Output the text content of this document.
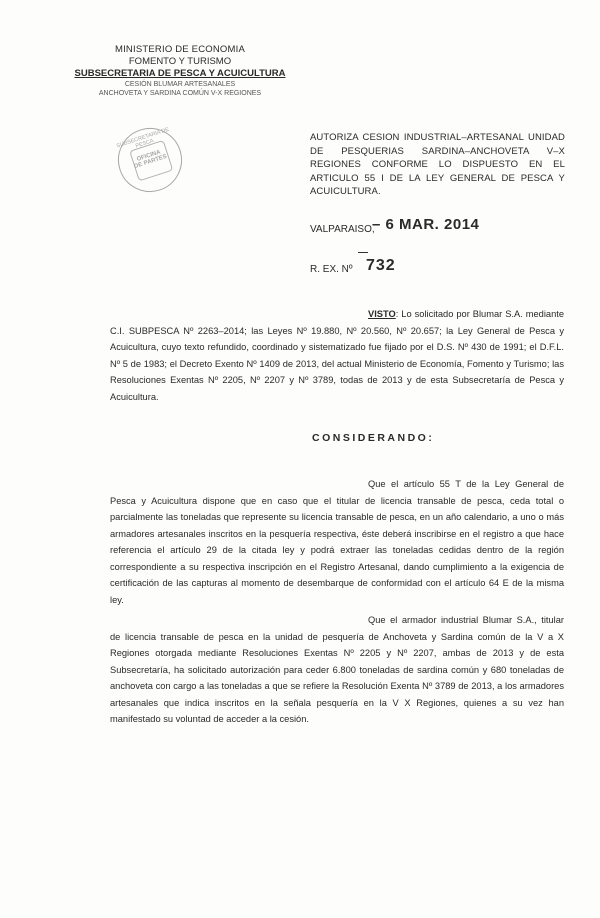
MINISTERIO DE ECONOMIA
FOMENTO Y TURISMO
SUBSECRETARIA DE PESCA Y ACUICULTURA
CESIÓN BLUMAR ARTESANALES
ANCHOVETA Y SARDINA COMÚN V-X REGIONES
SUBSECRETARIA DE PESCA
OFICINA DE PARTES
AUTORIZA CESION INDUSTRIAL–ARTESANAL UNIDAD DE PESQUERIAS SARDINA–ANCHOVETA V–X REGIONES CONFORME LO DISPUESTO EN EL ARTICULO 55 I DE LA LEY GENERAL DE PESCA Y ACUICULTURA.
VALPARAISO,
– 6 MAR. 2014
R. EX. Nº 732
VISTO: Lo solicitado por Blumar S.A. mediante C.I. SUBPESCA Nº 2263–2014; las Leyes Nº 19.880, Nº 20.560, Nº 20.657; la Ley General de Pesca y Acuicultura, cuyo texto refundido, coordinado y sistematizado fue fijado por el D.S. Nº 430 de 1991; el D.F.L. Nº 5 de 1983; el Decreto Exento Nº 1409 de 2013, del actual Ministerio de Economía, Fomento y Turismo; las Resoluciones Exentas Nº 2205, Nº 2207 y Nº 3789, todas de 2013 y de esta Subsecretaría de Pesca y Acuicultura.
CONSIDERANDO:
Que el artículo 55 T de la Ley General de Pesca y Acuicultura dispone que en caso que el titular de licencia transable de pesca, ceda total o parcialmente las toneladas que represente su licencia transable de pesca, en un año calendario, a uno o más armadores artesanales inscritos en la pesquería respectiva, éste deberá inscribirse en el registro a que hace referencia el artículo 29 de la citada ley y podrá extraer las toneladas cedidas dentro de la región correspondiente a su respectiva inscripción en el Registro Artesanal, dando cumplimiento a la exigencia de certificación de las capturas al momento de desembarque de conformidad con el artículo 64 E de la misma ley.
Que el armador industrial Blumar S.A., titular de licencia transable de pesca en la unidad de pesquería de Anchoveta y Sardina común de la V a X Regiones otorgada mediante Resoluciones Exentas Nº 2205 y Nº 2207, ambas de 2013 y de esta Subsecretaría, ha solicitado autorización para ceder 6.800 toneladas de sardina común y 680 toneladas de anchoveta con cargo a las toneladas a que se refiere la Resolución Exenta Nº 3789 de 2013, a los armadores artesanales que indica inscritos en la señala pesquería en la V X Regiones, quienes a su vez han manifestado su voluntad de acceder a la cesión.
